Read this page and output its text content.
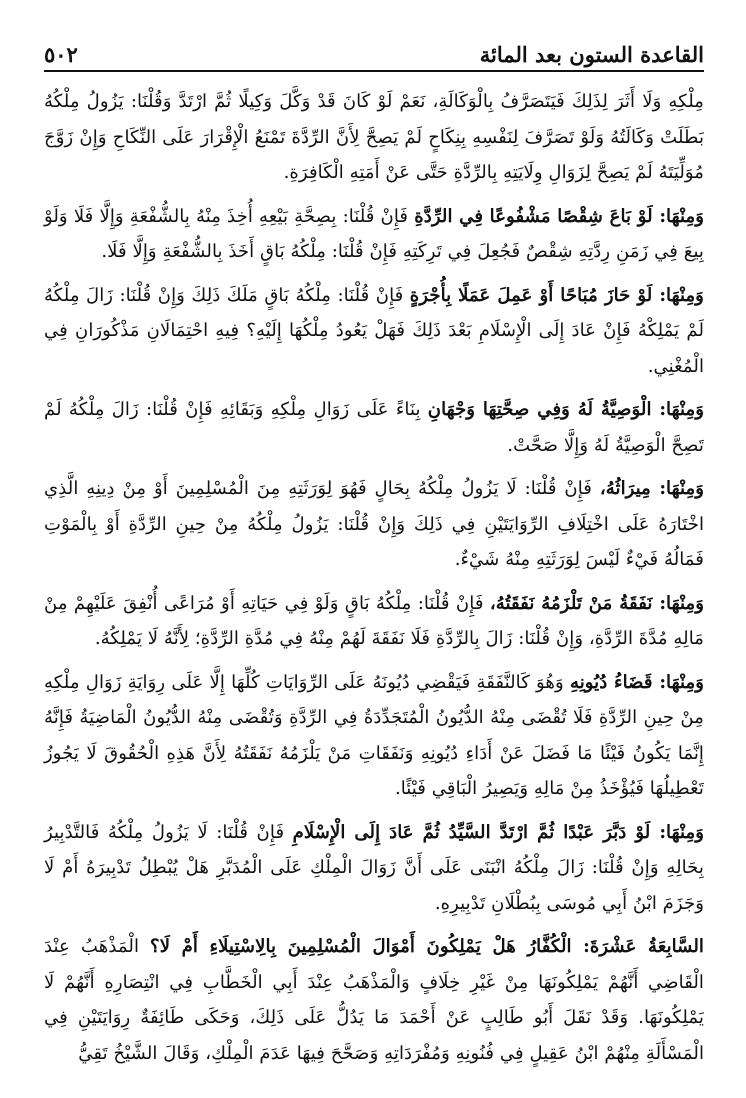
القاعدة الستون بعد المائة
٥٠٢

مِلْكِهِ وَلَا أَثَرَ لِذَلِكَ فَيَتَصَرَّفُ بِالْوَكَالَةِ، نَعَمْ لَوْ كَانَ قَدْ وَكَّلَ وَكِيلًا ثُمَّ ارْتَدَّ وَقُلْنَا: يَزُولُ مِلْكُهُ بَطَلَتْ وَكَالَتُهُ وَلَوْ تَصَرَّفَ لِنَفْسِهِ بِنِكَاحٍ لَمْ يَصِحَّ لِأَنَّ الرِّدَّةَ تَمْنَعُ الْإِقْرَارَ عَلَى النِّكَاحِ وَإِنْ زَوَّجَ مُوَلِّيَتَهُ لَمْ يَصِحَّ لِزَوَالِ وِلَايَتِهِ بِالرِّدَّةِ حَتَّى عَنْ أَمَتِهِ الْكَافِرَةِ.

وَمِنْهَا: لَوْ بَاعَ شِقْصًا مَشْفُوعًا فِي الرِّدَّةِ فَإِنْ قُلْنَا: بِصِحَّةِ بَيْعِهِ أُخِذَ مِنْهُ بِالشُّفْعَةِ وَإِلَّا فَلَا وَلَوْ بِيعَ فِي زَمَنِ رِدَّتِهِ شِقْصٌ فَجُعِلَ فِي تَرِكَتِهِ فَإِنْ قُلْنَا: مِلْكُهُ بَاقٍ أَخَذَ بِالشُّفْعَةِ وَإِلَّا فَلَا.

وَمِنْهَا: لَوْ حَازَ مُبَاحًا أَوْ عَمِلَ عَمَلًا بِأُجْرَةٍ فَإِنْ قُلْنَا: مِلْكُهُ بَاقٍ مَلَكَ ذَلِكَ وَإِنْ قُلْنَا: زَالَ مِلْكُهُ لَمْ يَمْلِكْهُ فَإِنْ عَادَ إِلَى الْإِسْلَامِ بَعْدَ ذَلِكَ فَهَلْ يَعُودُ مِلْكُهَا إِلَيْهِ؟ فِيهِ احْتِمَالَانِ مَذْكُورَانِ فِي الْمُغْنِي.

وَمِنْهَا: الْوَصِيَّةُ لَهُ وَفِي صِحَّتِهَا وَجْهَانِ بِنَاءً عَلَى زَوَالِ مِلْكِهِ وَبَقَائِهِ فَإِنْ قُلْنَا: زَالَ مِلْكُهُ لَمْ تَصِحَّ الْوَصِيَّةُ لَهُ وَإِلَّا صَحَّتْ.

وَمِنْهَا: مِيرَاثُهُ، فَإِنْ قُلْنَا: لَا يَزُولُ مِلْكُهُ بِحَالٍ فَهُوَ لِوَرَثَتِهِ مِنَ الْمُسْلِمِينَ أَوْ مِنْ دِينِهِ الَّذِي اخْتَارَهُ عَلَى اخْتِلَافِ الرِّوَايَتَيْنِ فِي ذَلِكَ وَإِنْ قُلْنَا: يَزُولُ مِلْكُهُ مِنْ حِينِ الرِّدَّةِ أَوْ بِالْمَوْتِ فَمَالُهُ فَيْءٌ لَيْسَ لِوَرَثَتِهِ مِنْهُ شَيْءٌ.

وَمِنْهَا: نَفَقَةُ مَنْ تَلْزَمُهُ نَفَقَتُهُ، فَإِنْ قُلْنَا: مِلْكُهُ بَاقٍ وَلَوْ فِي حَيَاتِهِ أَوْ مُرَاعًى أُنْفِقَ عَلَيْهِمْ مِنْ مَالِهِ مُدَّةَ الرِّدَّةِ، وَإِنْ قُلْنَا: زَالَ بِالرِّدَّةِ فَلَا نَفَقَةَ لَهُمْ مِنْهُ فِي مُدَّةِ الرِّدَّةِ؛ لِأَنَّهُ لَا يَمْلِكُهُ.

وَمِنْهَا: قَضَاءُ دُيُونِهِ وَهُوَ كَالنَّفَقَةِ فَيَقْضِي دُيُونَهُ عَلَى الرِّوَايَاتِ كُلِّهَا إِلَّا عَلَى رِوَايَةِ زَوَالِ مِلْكِهِ مِنْ حِينِ الرِّدَّةِ فَلَا تُقْضَى مِنْهُ الدُّيُونُ الْمُتَجَدِّدَةُ فِي الرِّدَّةِ وَتُقْضَى مِنْهُ الدُّيُونُ الْمَاضِيَةُ فَإِنَّهُ إِنَّمَا يَكُونُ فَيْئًا مَا فَضَلَ عَنْ أَدَاءِ دُيُونِهِ وَنَفَقَاتِ مَنْ يَلْزَمُهُ نَفَقَتُهُ لِأَنَّ هَذِهِ الْحُقُوقَ لَا يَجُوزُ تَعْطِيلُهَا فَيُؤْخَذُ مِنْ مَالِهِ وَيَصِيرُ الْبَاقِي فَيْئًا.

وَمِنْهَا: لَوْ دَبَّرَ عَبْدًا ثُمَّ ارْتَدَّ السَّيِّدُ ثُمَّ عَادَ إِلَى الْإِسْلَامِ فَإِنْ قُلْنَا: لَا يَزُولُ مِلْكُهُ فَالتَّدْبِيرُ بِحَالِهِ وَإِنْ قُلْنَا: زَالَ مِلْكُهُ انْبَنَى عَلَى أَنَّ زَوَالَ الْمِلْكِ عَلَى الْمُدَبَّرِ هَلْ يُبْطِلُ تَدْبِيرَهُ أَمْ لَا وَجَزَمَ ابْنُ أَبِي مُوسَى بِبُطْلَانِ تَدْبِيرِهِ.

السَّابِعَةُ عَشْرَةَ: الْكُفَّارُ هَلْ يَمْلِكُونَ أَمْوَالَ الْمُسْلِمِينَ بِالِاسْتِيلَاءِ أَمْ لَا؟ الْمَذْهَبُ عِنْدَ الْقَاضِي أَنَّهُمْ يَمْلِكُونَهَا مِنْ غَيْرِ خِلَافٍ وَالْمَذْهَبُ عِنْدَ أَبِي الْخَطَّابِ فِي انْتِصَارِهِ أَنَّهُمْ لَا يَمْلِكُونَهَا. وَقَدْ نَقَلَ أَبُو طَالِبٍ عَنْ أَحْمَدَ مَا يَدُلُّ عَلَى ذَلِكَ، وَحَكَى طَائِفَةٌ رِوَايَتَيْنِ فِي الْمَسْأَلَةِ مِنْهُمْ ابْنُ عَقِيلٍ فِي فُنُونِهِ وَمُفْرَدَاتِهِ وَصَحَّحَ فِيهَا عَدَمَ الْمِلْكِ، وَقَالَ الشَّيْخُ تَقِيُّ
